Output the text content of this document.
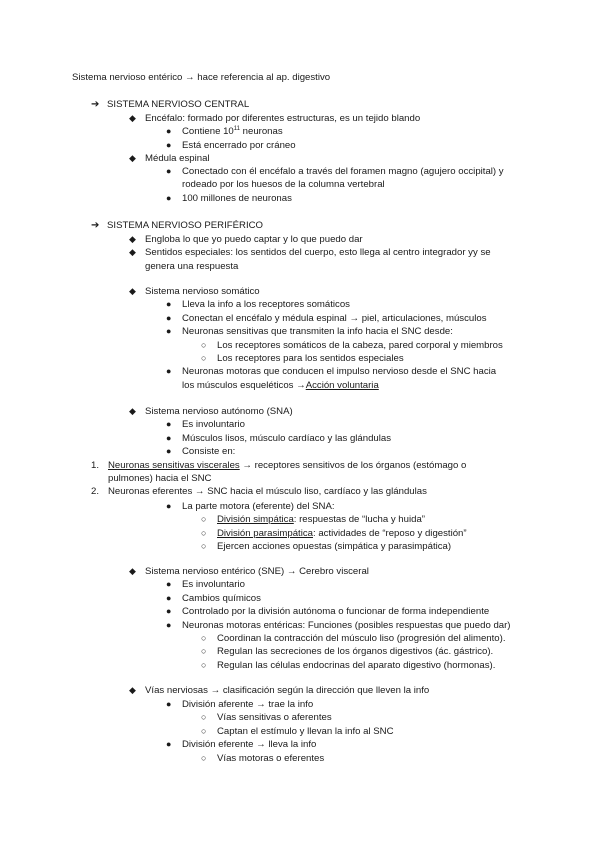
Sistema nervioso entérico → hace referencia al ap. digestivo
➔ SISTEMA NERVIOSO CENTRAL
◆ Encéfalo: formado por diferentes estructuras, es un tejido blando
● Contiene $10^{11}$ neuronas
● Está encerrado por cráneo
◆ Médula espinal
● Conectado con él encéfalo a través del foramen magno (agujero occipital) y
rodeado por los huesos de la columna vertebral
● 100 millones de neuronas
➔ SISTEMA NERVIOSO PERIFÉRICO
◆ Engloba lo que yo puedo captar y lo que puedo dar
◆ Sentidos especiales: los sentidos del cuerpo, esto llega al centro integrador yy se
genera una respuesta
◆ Sistema nervioso somático
● Lleva la info a los receptores somáticos
● Conectan el encéfalo y médula espinal → piel, articulaciones, músculos
● Neuronas sensitivas que transmiten la info hacia el SNC desde:
○ Los receptores somáticos de la cabeza, pared corporal y miembros
○ Los receptores para los sentidos especiales
● Neuronas motoras que conducen el impulso nervioso desde el SNC hacia
los músculos esqueléticos →Acción voluntaria
◆ Sistema nervioso autónomo (SNA)
● Es involuntario
● Músculos lisos, músculo cardíaco y las glándulas
● Consiste en:
1. Neuronas sensitivas viscerales → receptores sensitivos de los órganos (estómago o
pulmones) hacia el SNC
2. Neuronas eferentes → SNC hacia el músculo liso, cardíaco y las glándulas
● La parte motora (eferente) del SNA:
○ División simpática: respuestas de “lucha y huida”
○ División parasimpática: actividades de “reposo y digestión”
○ Ejercen acciones opuestas (simpática y parasimpática)
◆ Sistema nervioso entérico (SNE) → Cerebro visceral
● Es involuntario
● Cambios químicos
● Controlado por la división autónoma o funcionar de forma independiente
● Neuronas motoras entéricas: Funciones (posibles respuestas que puedo dar)
○ Coordinan la contracción del músculo liso (progresión del alimento).
○ Regulan las secreciones de los órganos digestivos (ác. gástrico).
○ Regulan las células endocrinas del aparato digestivo (hormonas).
◆ Vías nerviosas → clasificación según la dirección que lleven la info
● División aferente → trae la info
○ Vías sensitivas o aferentes
○ Captan el estímulo y llevan la info al SNC
● División eferente → lleva la info
○ Vías motoras o eferentes
